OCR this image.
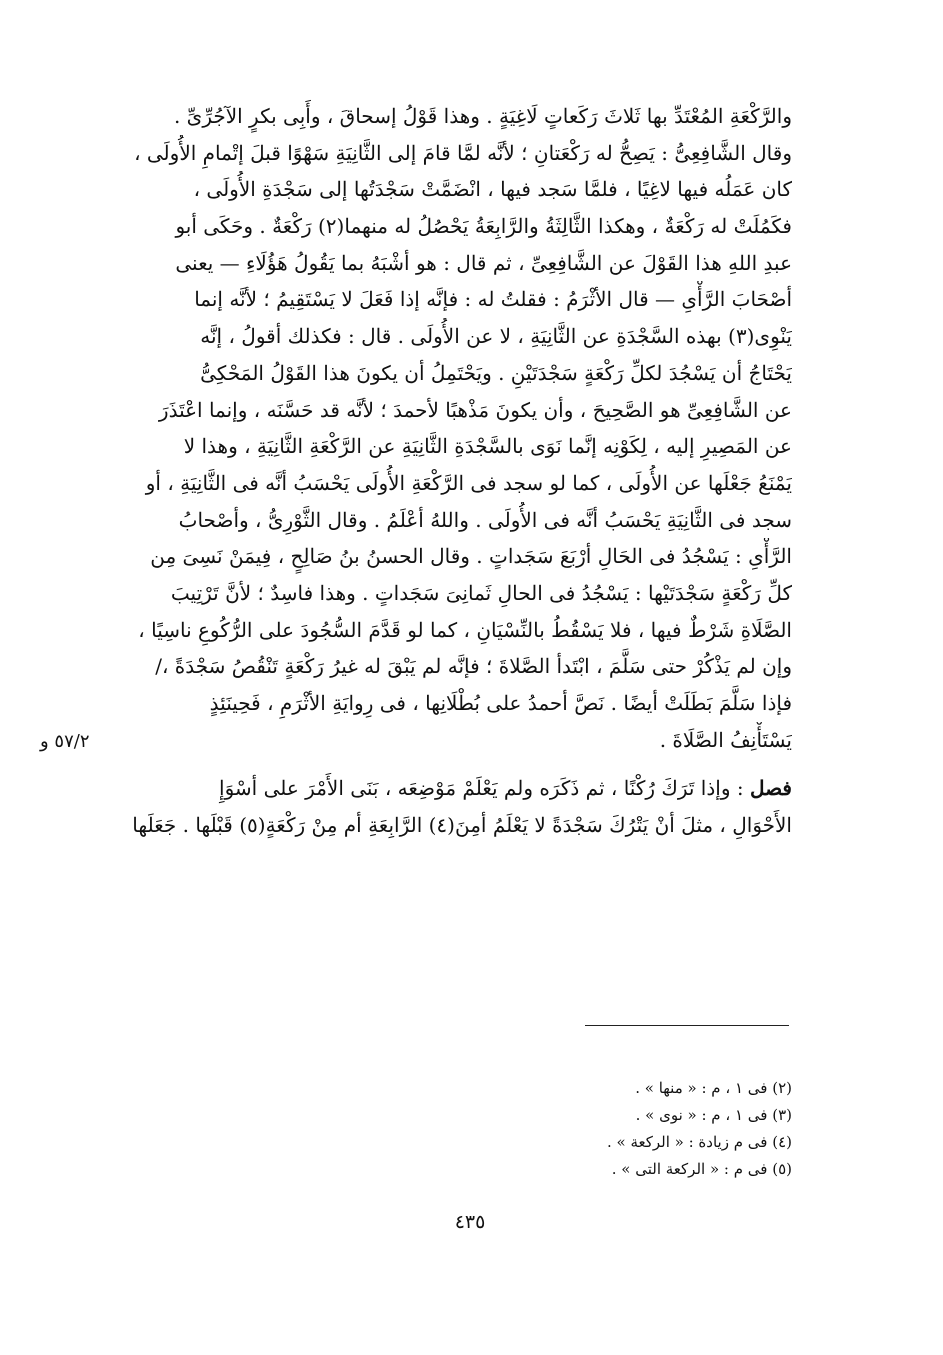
والرَّكْعَةِ المُعْتَدِّ بها ثَلاثَ رَكَعاتٍ لَاغِيَةٍ . وهذا قَوْلُ إسحاقَ ، وأَبِى بكرٍ الآجُرِّىِّ .
وقال الشَّافِعِىُّ : يَصِحُّ له رَكْعَتانِ ؛ لأنَّه لمَّا قامَ إلى الثَّانِيَةِ سَهْوًا قبلَ إتْمامِ الأُولَى ،
كان عَمَلُه فيها لاغِيًا ، فلمَّا سَجد فيها ، انْضَمَّتْ سَجْدَتُها إلى سَجْدَةِ الأُولَى ،
فكَمُلَتْ له رَكْعَةٌ ، وهكذا الثَّالِثَةُ والرَّابِعَةُ يَحْصُلُ له منهما(٢) رَكْعَةٌ . وحَكَى أبو
عبدِ اللهِ هذا القَوْلَ عن الشَّافِعِىِّ ، ثم قال : هو أشْبَهُ بما يَقُولُ هَؤُلَاءِ — يعنى
أصْحَابَ الرَّأْىِ — قال الأثْرَمُ : فقلتُ له : فإنَّه إذا فَعَلَ لا يَسْتَقِيمُ ؛ لأنَّه إنما
يَنْوِى(٣) بهذه السَّجْدَةِ عن الثَّانِيَةِ ، لا عن الأُولَى . قال : فكذلك أقولُ ، إنَّه
يَحْتَاجُ أن يَسْجُدَ لكلِّ رَكْعَةٍ سَجْدَتَيْنِ . ويَحْتَمِلُ أن يكونَ هذا القَوْلُ المَحْكِىُّ
عن الشَّافِعِىِّ هو الصَّحِيحَ ، وأن يكونَ مَذْهبًا لأحمدَ ؛ لأنَّه قد حَسَّنَه ، وإنما اعْتَذَرَ
عن المَصِيرِ إليه ، لِكَوْنِه إنَّما نَوَى بالسَّجْدَةِ الثَّانِيَةِ عن الرَّكْعَةِ الثَّانِيَةِ ، وهذا لا
يَمْنَعُ جَعْلَها عن الأُولَى ، كما لو سجد فى الرَّكْعَةِ الأُولَى يَحْسَبُ أنَّه فى الثَّانِيَةِ ، أو
سجد فى الثَّانِيَةِ يَحْسَبُ أنَّه فى الأُولَى . واللهُ أعْلَمُ . وقال الثَّوْرِىُّ ، وأصْحابُ
الرَّأْىِ : يَسْجُدُ فى الحَالِ أرْبَعَ سَجَداتٍ . وقال الحسنُ بنُ صَالِحٍ ، فِيمَنْ نَسِىَ مِن
كلِّ رَكْعَةٍ سَجْدَتَيْها : يَسْجُدُ فى الحالِ ثَمانِىَ سَجَداتٍ . وهذا فاسِدٌ ؛ لأنَّ تَرْتِيبَ
الصَّلَاةِ شَرْطٌ فيها ، فلا يَسْقُطُ بالنِّسْيَانِ ، كما لو قَدَّمَ السُّجُودَ على الرُّكُوعِ ناسِيًا ،
وإن لم يَذْكُرْ حتى سَلَّمَ ، ابْتَدأ الصَّلاةَ ؛ فإنَّه لم يَبْقَ له غيرُ رَكْعَةٍ تَنْقُصُ سَجْدَةً ،/
فإذا سَلَّمَ بَطَلَتْ أيضًا . نَصَّ أحمدُ على بُطْلَانِها ، فى رِوايَةِ الأثْرَمِ ، فَحِينَئِذٍ
يَسْتَأْنِفُ الصَّلَاةَ .
فصل : وإذا تَرَكَ رُكْنًا ، ثم ذَكَرَه ولم يَعْلَمْ مَوْضِعَه ، بَنَى الأَمْرَ على أسْوَإِ
الأَحْوَالِ ، مثلَ أنْ يَتْرُكَ سَجْدَةً لا يَعْلَمُ أمِنَ(٤) الرَّابِعَةِ أم مِنْ رَكْعَةٍ(٥) قَبْلَها . جَعَلَها
٥٧/٢ و
(٢) فى ١ ، م : « منها » .
(٣) فى ١ ، م : « نوى » .
(٤) فى م زيادة : « الركعة » .
(٥) فى م : « الركعة التى » .
٤٣٥
